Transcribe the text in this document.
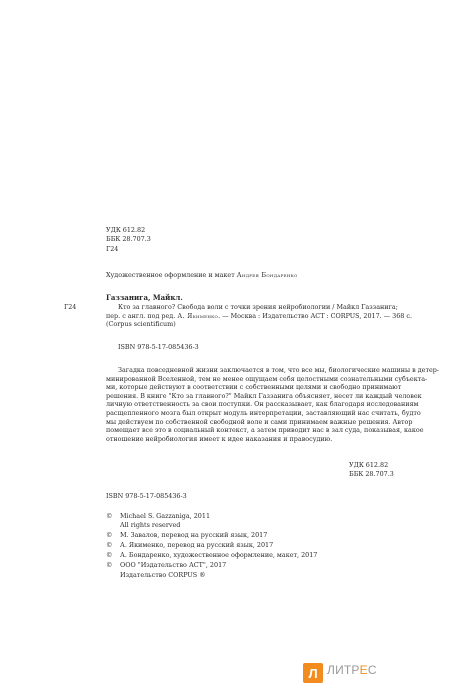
УДК 612.82
ББК 28.707.3
Г24
Художественное оформление и макет Андрея Бондаренко
Газзанига, Майкл.
Г24	Кто за главного? Свобода воли с точки зрения нейробиологии / Майкл Газзанига;
пер. с англ. под ред. А. Якименко. — Москва : Издательство АСТ : CORPUS, 2017. — 368 с.
(Corpus scientificum)
ISBN 978-5-17-085436-3
Загадка повседневной жизни заключается в том, что все мы, биологические машины в детер-
минированной Вселенной, тем не менее ощущаем себя целостными сознательными субъекта-
ми, которые действуют в соответствии с собственными целями и свободно принимают
решения. В книге "Кто за главного?" Майкл Газзанига объясняет, несет ли каждый человек
личную ответственность за свои поступки. Он рассказывает, как благодаря исследованиям
расщепленного мозга был открыт модуль интерпретации, заставляющий нас считать, будто
мы действуем по собственной свободной воле и сами принимаем важные решения. Автор
помещает все это в социальный контекст, а затем приводит нас в зал суда, показывая, какое
отношение нейробиология имеет к идее наказания и правосудию.
УДК 612.82
ББК 28.707.3
ISBN 978-5-17-085436-3
© Michael S. Gazzaniga, 2011
All rights reserved
© М. Завалов, перевод на русский язык, 2017
© А. Якименко, перевод на русский язык, 2017
© А. Бондаренко, художественное оформление, макет, 2017
© ООО "Издательство АСТ", 2017
Издательство CORPUS ®
Л ЛИТРЕС
